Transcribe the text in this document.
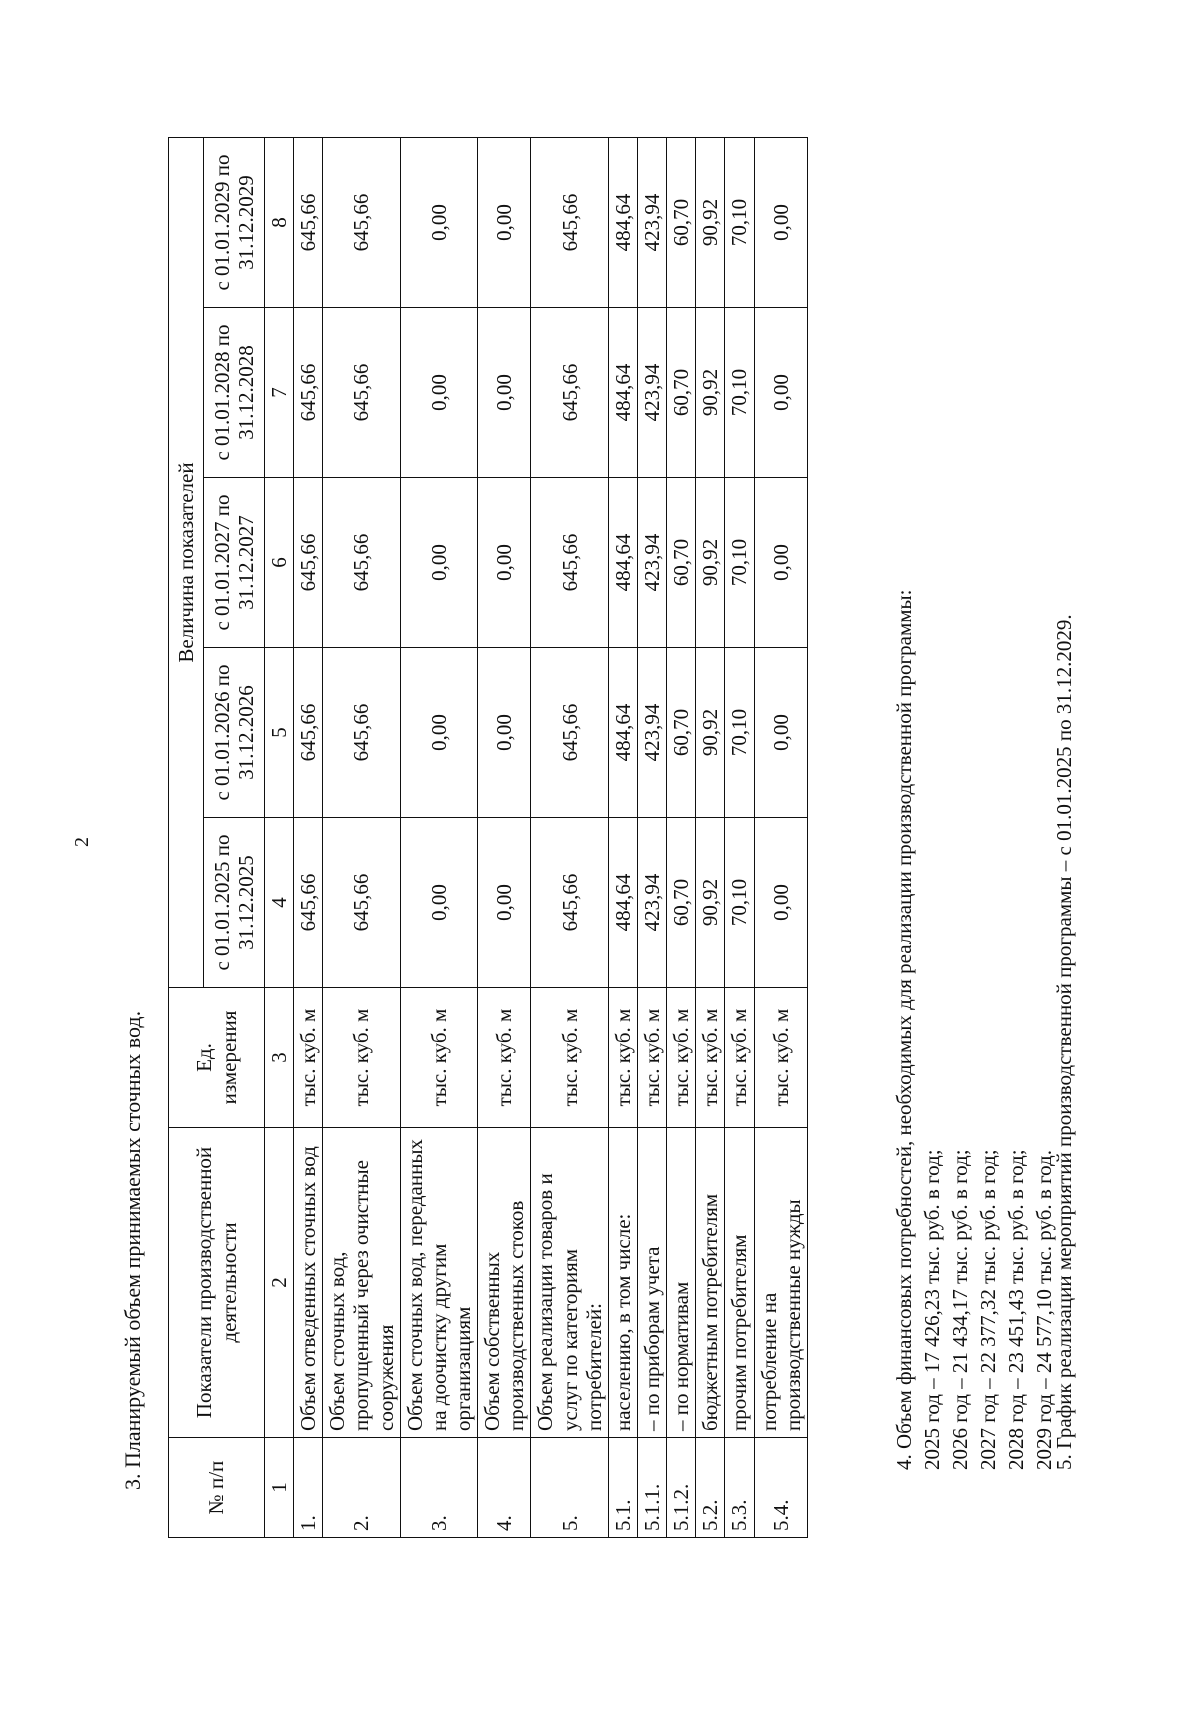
2
3. Планируемый объем принимаемых сточных вод.	№ п/п	Показатели производственной деятельности	Ед. измерения	Величина показателей				
			с 01.01.2025 по 31.12.2025	с 01.01.2026 по 31.12.2026	с 01.01.2027 по 31.12.2027	с 01.01.2028 по 31.12.2028	с 01.01.2029 по 31.12.2029
1	2	3	4	5	6	7	8
1.	Объем отведенных сточных вод	тыс. куб. м	645,66	645,66	645,66	645,66	645,66
2.	Объем сточных вод, пропущенный через очистные сооружения	тыс. куб. м	645,66	645,66	645,66	645,66	645,66
3.	Объем сточных вод, переданных на доочистку другим организациям	тыс. куб. м	0,00	0,00	0,00	0,00	0,00
4.	Объем собственных производственных стоков	тыс. куб. м	0,00	0,00	0,00	0,00	0,00
5.	Объем реализации товаров и услуг по категориям потребителей:	тыс. куб. м	645,66	645,66	645,66	645,66	645,66
5.1.	населению, в том числе:	тыс. куб. м	484,64	484,64	484,64	484,64	484,64
5.1.1.	– по приборам учета	тыс. куб. м	423,94	423,94	423,94	423,94	423,94
5.1.2.	– по нормативам	тыс. куб. м	60,70	60,70	60,70	60,70	60,70
5.2.	бюджетным потребителям	тыс. куб. м	90,92	90,92	90,92	90,92	90,92
5.3.	прочим потребителям	тыс. куб. м	70,10	70,10	70,10	70,10	70,10
5.4.	потребление на производственные нужды	тыс. куб. м	0,00	0,00	0,00	0,00	0,00
4. Объем финансовых потребностей, необходимых для реализации производственной программы: 2025 год – 17 426,23 тыс. руб. в год; 2026 год – 21 434,17 тыс. руб. в год; 2027 год – 22 377,32 тыс. руб. в год; 2028 год – 23 451,43 тыс. руб. в год; 2029 год – 24 577,10 тыс. руб. в год.
5. График реализации мероприятий производственной программы – с 01.01.2025 по 31.12.2029.
